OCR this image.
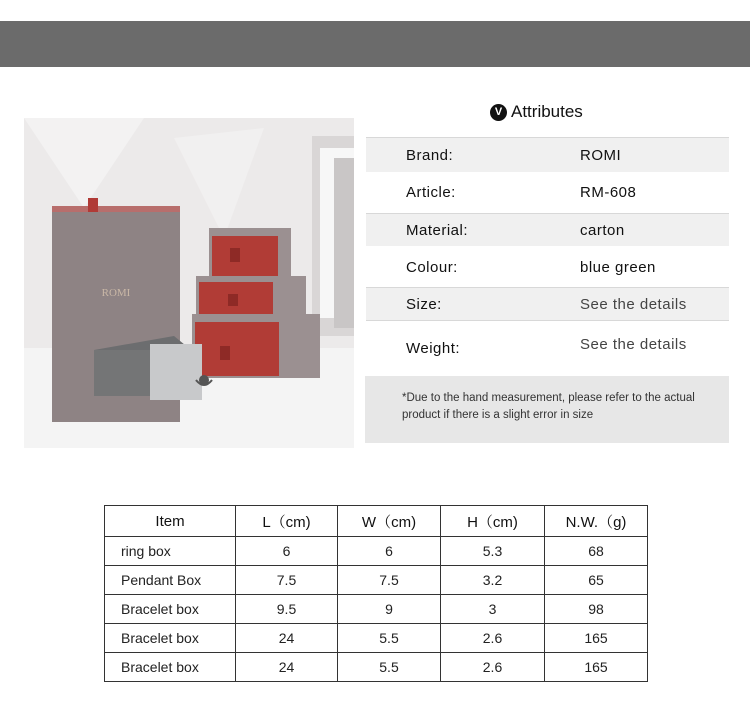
ROMI
V Attributes
Brand:	ROMI
Article:	RM-608
Material:	carton
Colour:	blue green
Size:	See the details
Weight:	See the details
*Due to the hand measurement, please refer to the actual
product if there is a slight error in size
Item	L（cm)	W（cm)	H（cm)	N.W.（g)
ring box	6	6	5.3	68
Pendant Box	7.5	7.5	3.2	65
Bracelet box	9.5	9	3	98
Bracelet box	24	5.5	2.6	165
Bracelet box	24	5.5	2.6	165
